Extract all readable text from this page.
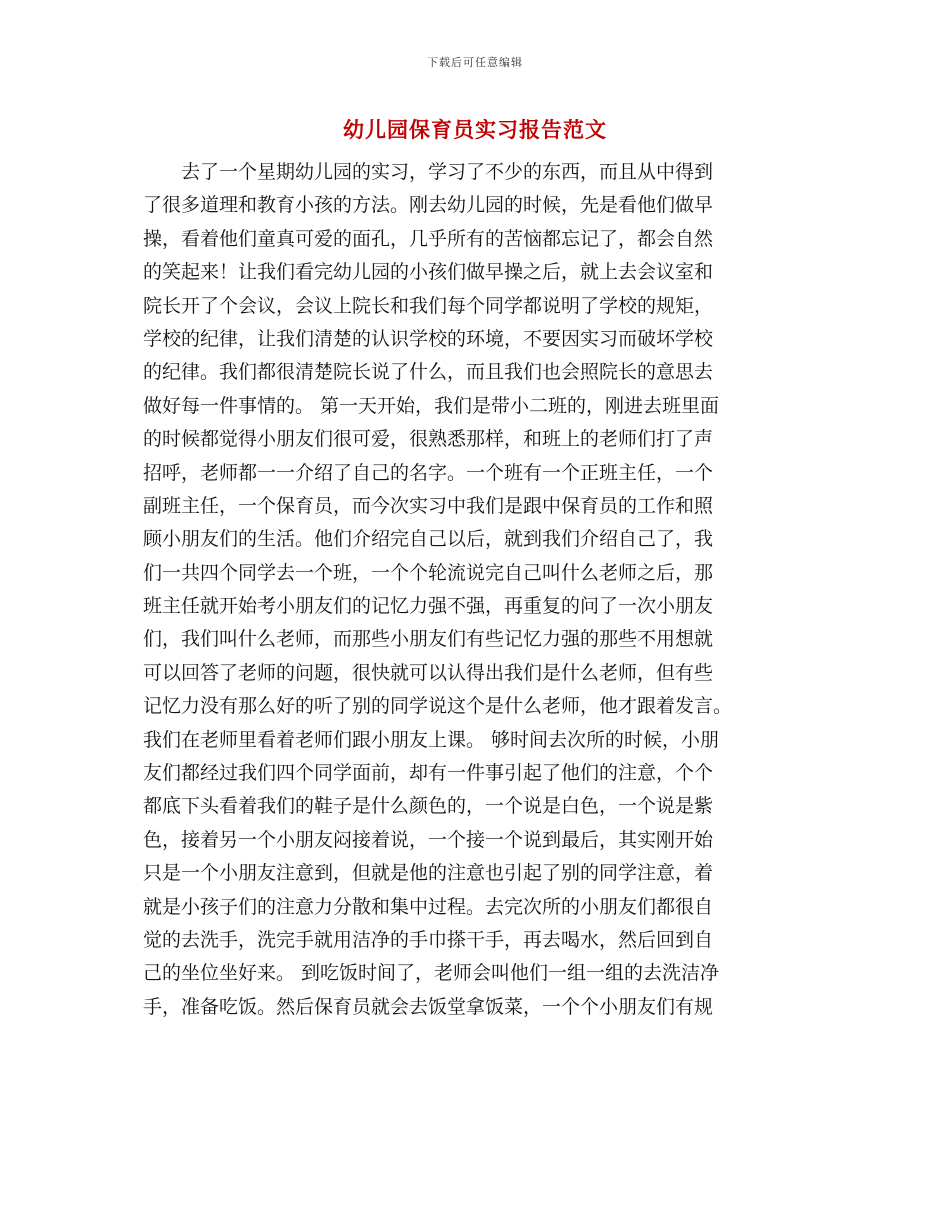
下载后可任意编辑
幼儿园保育员实习报告范文
　　去了一个星期幼儿园的实习，学习了不少的东西，而且从中得到
了很多道理和教育小孩的方法。刚去幼儿园的时候，先是看他们做早
操，看着他们童真可爱的面孔，几乎所有的苦恼都忘记了，都会自然
的笑起来！让我们看完幼儿园的小孩们做早操之后，就上去会议室和
院长开了个会议，会议上院长和我们每个同学都说明了学校的规矩，
学校的纪律，让我们清楚的认识学校的环境，不要因实习而破坏学校
的纪律。我们都很清楚院长说了什么，而且我们也会照院长的意思去
做好每一件事情的。 第一天开始，我们是带小二班的，刚进去班里面
的时候都觉得小朋友们很可爱，很熟悉那样，和班上的老师们打了声
招呼，老师都一一介绍了自己的名字。一个班有一个正班主任，一个
副班主任，一个保育员，而今次实习中我们是跟中保育员的工作和照
顾小朋友们的生活。他们介绍完自己以后，就到我们介绍自己了，我
们一共四个同学去一个班，一个个轮流说完自己叫什么老师之后，那
班主任就开始考小朋友们的记忆力强不强，再重复的问了一次小朋友
们，我们叫什么老师，而那些小朋友们有些记忆力强的那些不用想就
可以回答了老师的问题，很快就可以认得出我们是什么老师，但有些
记忆力没有那么好的听了别的同学说这个是什么老师，他才跟着发言。
我们在老师里看着老师们跟小朋友上课。 够时间去次所的时候，小朋
友们都经过我们四个同学面前，却有一件事引起了他们的注意，个个
都底下头看着我们的鞋子是什么颜色的，一个说是白色，一个说是紫
色，接着另一个小朋友闷接着说，一个接一个说到最后，其实刚开始
只是一个小朋友注意到，但就是他的注意也引起了别的同学注意，着
就是小孩子们的注意力分散和集中过程。去完次所的小朋友们都很自
觉的去洗手，洗完手就用洁净的手巾搽干手，再去喝水，然后回到自
己的坐位坐好来。 到吃饭时间了，老师会叫他们一组一组的去洗洁净
手，准备吃饭。然后保育员就会去饭堂拿饭菜，一个个小朋友们有规
